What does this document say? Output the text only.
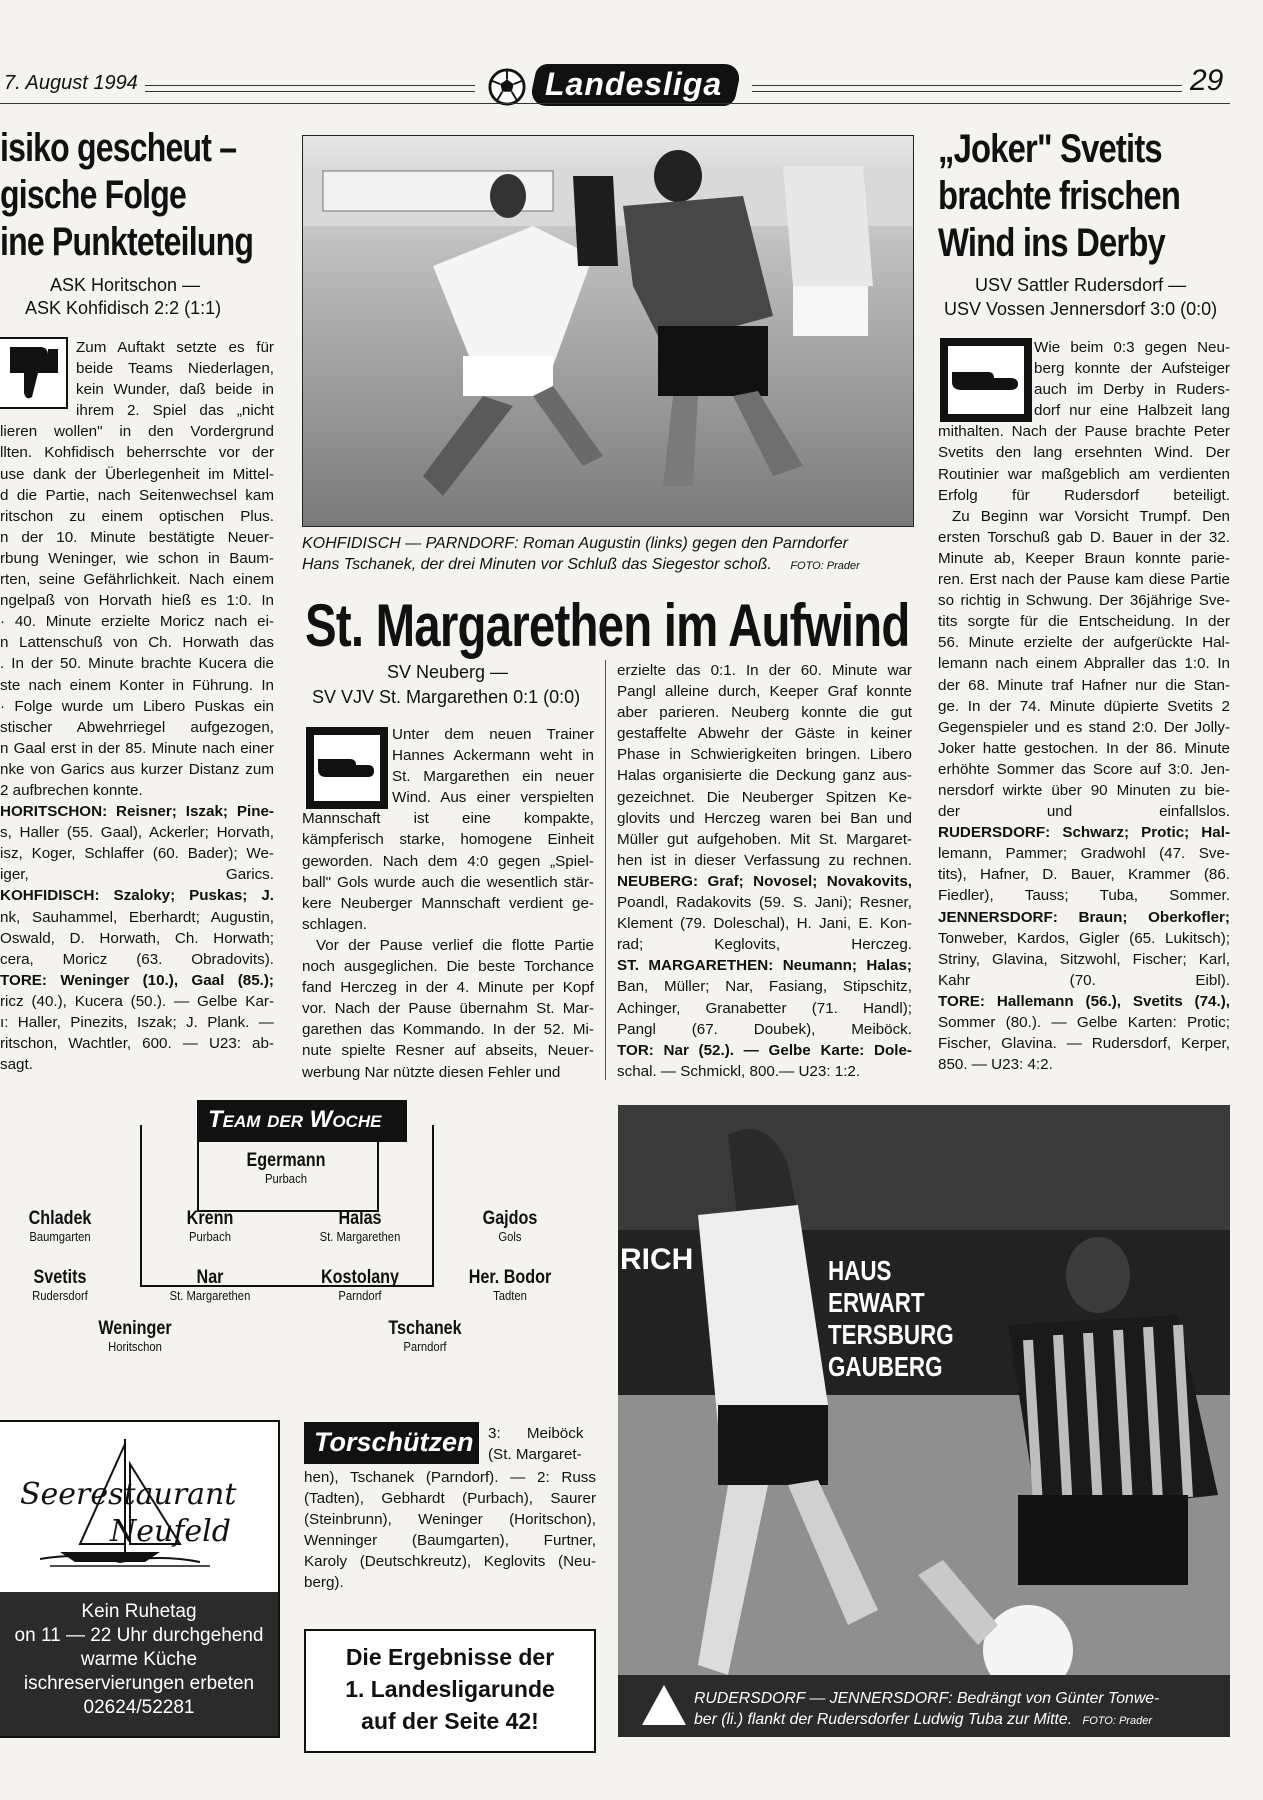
7. August 1994	Landesliga	29
isiko gescheut –
gische Folge
ine Punkteteilung
ASK Horitschon —
ASK Kohfidisch 2:2 (1:1)
Zum Auftakt setzte es für
beide Teams Niederlagen,
kein Wunder, daß beide in
ihrem 2. Spiel das „nicht
lieren wollen" in den Vordergrund
llten. Kohfidisch beherrschte vor der
use dank der Überlegenheit im Mittel-
d die Partie, nach Seitenwechsel kam
ritschon zu einem optischen Plus.
n der 10. Minute bestätigte Neuer-
rbung Weninger, wie schon in Baum-
rten, seine Gefährlichkeit. Nach einem
ngelpaß von Horvath hieß es 1:0. In
· 40. Minute erzielte Moricz nach ei-
n Lattenschuß von Ch. Horwath das
. In der 50. Minute brachte Kucera die
ste nach einem Konter in Führung. In
· Folge wurde um Libero Puskas ein
stischer Abwehrriegel aufgezogen,
n Gaal erst in der 85. Minute nach einer
nke von Garics aus kurzer Distanz zum
2 aufbrechen konnte.
HORITSCHON: Reisner; Iszak; Pine-
s, Haller (55. Gaal), Ackerler; Horvath,
isz, Koger, Schlaffer (60. Bader); We-
iger, Garics.
KOHFIDISCH: Szaloky; Puskas; J.
nk, Sauhammel, Eberhardt; Augustin,
Oswald, D. Horwath, Ch. Horwath;
cera, Moricz (63. Obradovits).
TORE: Weninger (10.), Gaal (85.);
ricz (40.), Kucera (50.). — Gelbe Kar-
ı: Haller, Pinezits, Iszak; J. Plank. —
ritschon, Wachtler, 600. — U23: ab-
sagt.
KOHFIDISCH — PARNDORF: Roman Augustin (links) gegen den Parndorfer
Hans Tschanek, der drei Minuten vor Schluß das Siegestor schoß. FOTO: Prader
St. Margarethen im Aufwind
SV Neuberg —
SV VJV St. Margarethen 0:1 (0:0)
Unter dem neuen Trainer
Hannes Ackermann weht in
St. Margarethen ein neuer
Wind. Aus einer verspielten
Mannschaft ist eine kompakte,
kämpferisch starke, homogene Einheit
geworden. Nach dem 4:0 gegen „Spiel-
ball" Gols wurde auch die wesentlich stär-
kere Neuberger Mannschaft verdient ge-
schlagen.
Vor der Pause verlief die flotte Partie
noch ausgeglichen. Die beste Torchance
fand Herczeg in der 4. Minute per Kopf
vor. Nach der Pause übernahm St. Mar-
garethen das Kommando. In der 52. Mi-
nute spielte Resner auf abseits, Neuer-
werbung Nar nützte diesen Fehler und
erzielte das 0:1. In der 60. Minute war
Pangl alleine durch, Keeper Graf konnte
aber parieren. Neuberg konnte die gut
gestaffelte Abwehr der Gäste in keiner
Phase in Schwierigkeiten bringen. Libero
Halas organisierte die Deckung ganz aus-
gezeichnet. Die Neuberger Spitzen Ke-
glovits und Herczeg waren bei Ban und
Müller gut aufgehoben. Mit St. Margaret-
hen ist in dieser Verfassung zu rechnen.
NEUBERG: Graf; Novosel; Novakovits,
Poandl, Radakovits (59. S. Jani); Resner,
Klement (79. Doleschal), H. Jani, E. Kon-
rad; Keglovits, Herczeg.
ST. MARGARETHEN: Neumann; Halas;
Ban, Müller; Nar, Fasiang, Stipschitz,
Achinger, Granabetter (71. Handl);
Pangl (67. Doubek), Meiböck.
TOR: Nar (52.). — Gelbe Karte: Dole-
schal. — Schmickl, 800.— U23: 1:2.
„Joker" Svetits
brachte frischen
Wind ins Derby
USV Sattler Rudersdorf —
USV Vossen Jennersdorf 3:0 (0:0)
Wie beim 0:3 gegen Neu-
berg konnte der Aufsteiger
auch im Derby in Ruders-
dorf nur eine Halbzeit lang
mithalten. Nach der Pause brachte Peter
Svetits den lang ersehnten Wind. Der
Routinier war maßgeblich am verdienten
Erfolg für Rudersdorf beteiligt.
Zu Beginn war Vorsicht Trumpf. Den
ersten Torschuß gab D. Bauer in der 32.
Minute ab, Keeper Braun konnte parie-
ren. Erst nach der Pause kam diese Partie
so richtig in Schwung. Der 36jährige Sve-
tits sorgte für die Entscheidung. In der
56. Minute erzielte der aufgerückte Hal-
lemann nach einem Abpraller das 1:0. In
der 68. Minute traf Hafner nur die Stan-
ge. In der 74. Minute düpierte Svetits 2
Gegenspieler und es stand 2:0. Der Jolly-
Joker hatte gestochen. In der 86. Minute
erhöhte Sommer das Score auf 3:0. Jen-
nersdorf wirkte über 90 Minuten zu bie-
der und einfallslos.
RUDERSDORF: Schwarz; Protic; Hal-
lemann, Pammer; Gradwohl (47. Sve-
tits), Hafner, D. Bauer, Krammer (86.
Fiedler), Tauss; Tuba, Sommer.
JENNERSDORF: Braun; Oberkofler;
Tonweber, Kardos, Gigler (65. Lukitsch);
Striny, Glavina, Sitzwohl, Fischer; Karl,
Kahr (70. Eibl).
TORE: Hallemann (56.), Svetits (74.),
Sommer (80.). — Gelbe Karten: Protic;
Fischer, Glavina. — Rudersdorf, Kerper,
850. — U23: 4:2.
Team der Woche
Egermann
Purbach
Chladek
Baumgarten
Krenn
Purbach
Halas
St. Margarethen
Gajdos
Gols
Svetits
Rudersdorf
Nar
St. Margarethen
Kostolany
Parndorf
Her. Bodor
Tadten
Weninger
Horitschon
Tschanek
Parndorf
Seerestaurant
Neufeld
Kein Ruhetag
on 11 — 22 Uhr durchgehend
warme Küche
ischreservierungen erbeten
02624/52281
Torschützen 3: Meiböck
(St. Margaret-
hen), Tschanek (Parndorf). — 2: Russ
(Tadten), Gebhardt (Purbach), Saurer
(Steinbrunn), Weninger (Horitschon),
Wenninger (Baumgarten), Furtner,
Karoly (Deutschkreutz), Keglovits (Neu-
berg).
Die Ergebnisse der
1. Landesligarunde
auf der Seite 42!
RICH	HAUS
ERWART
TERSBURG
GAUBERG
RUDERSDORF — JENNERSDORF: Bedrängt von Günter Tonwe-
ber (li.) flankt der Rudersdorfer Ludwig Tuba zur Mitte. FOTO: Prader
